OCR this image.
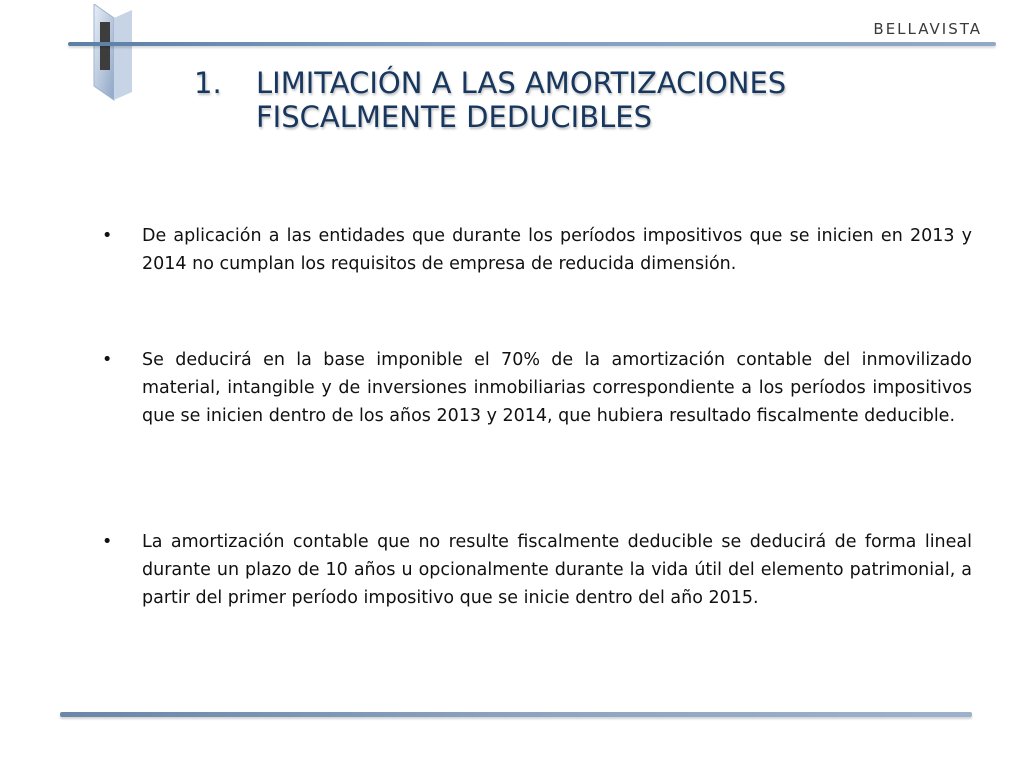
BELLAVISTA
1. LIMITACIÓN A LAS AMORTIZACIONES
FISCALMENTE DEDUCIBLES
• De aplicación a las entidades que durante los períodos impositivos que se inicien en 2013 y 2014 no cumplan los requisitos de empresa de reducida dimensión.
• Se deducirá en la base imponible el 70% de la amortización contable del inmovilizado material, intangible y de inversiones inmobiliarias correspondiente a los períodos impositivos que se inicien dentro de los años 2013 y 2014, que hubiera resultado fiscalmente deducible.
• La amortización contable que no resulte fiscalmente deducible se deducirá de forma lineal durante un plazo de 10 años u opcionalmente durante la vida útil del elemento patrimonial, a partir del primer período impositivo que se inicie dentro del año 2015.
